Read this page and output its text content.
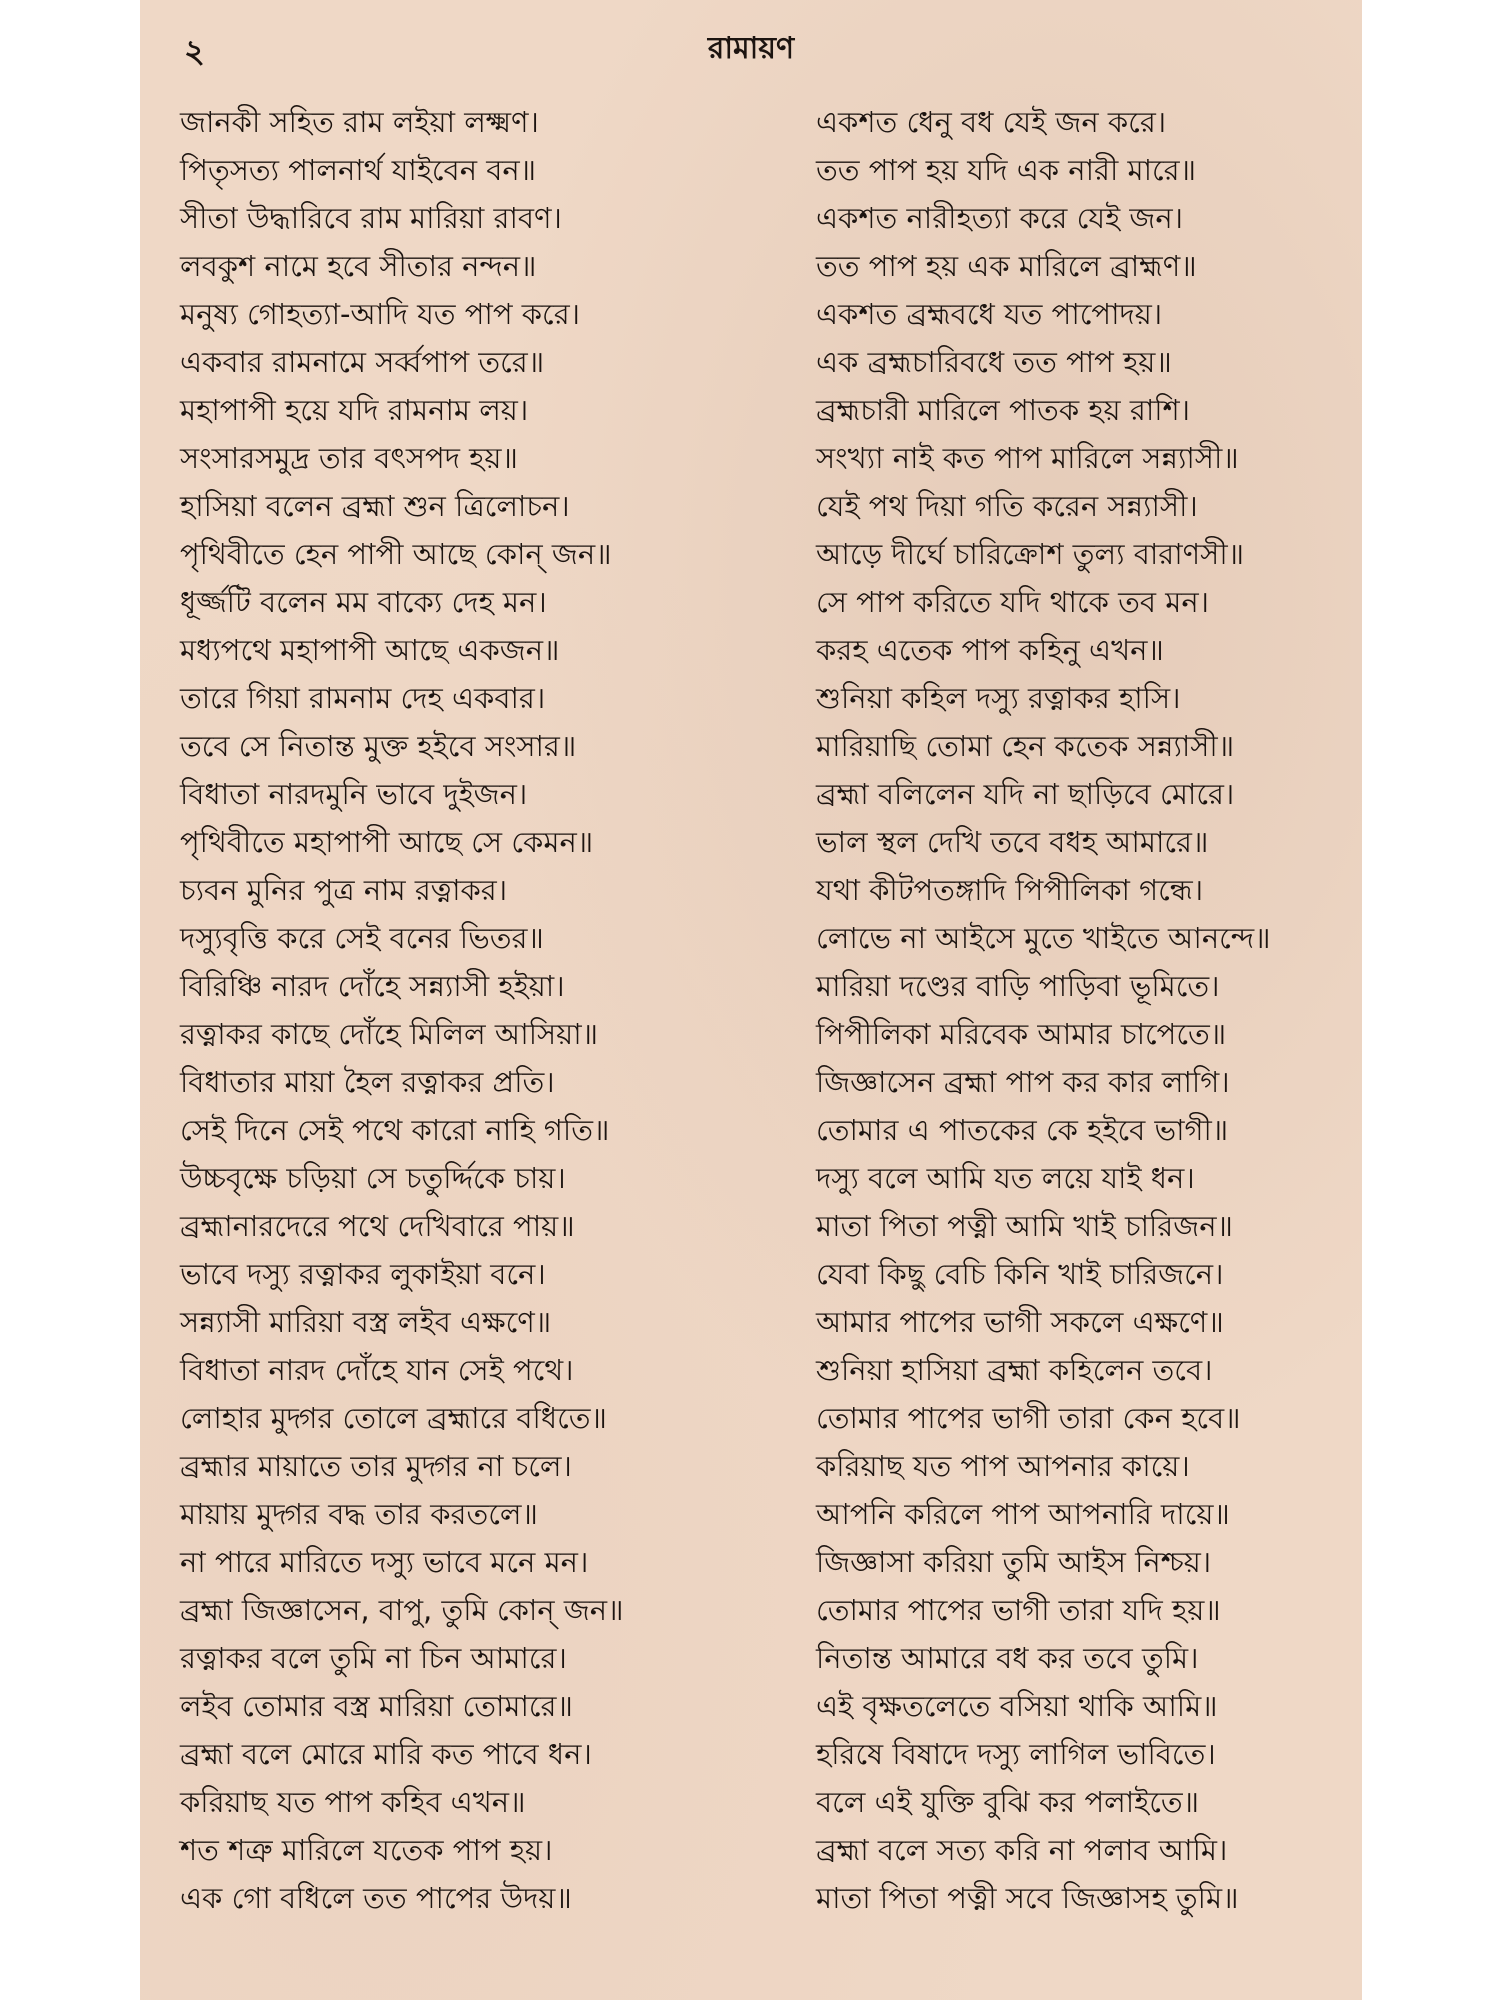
২	রামায়ণ
জানকী সহিত রাম লইয়া লক্ষ্মণ।
পিতৃসত্য পালনার্থ যাইবেন বন॥
সীতা উদ্ধারিবে রাম মারিয়া রাবণ।
লবকুশ নামে হবে সীতার নন্দন॥
মনুষ্য গোহত্যা-আদি যত পাপ করে।
একবার রামনামে সর্ব্বপাপ তরে॥
মহাপাপী হয়ে যদি রামনাম লয়।
সংসারসমুদ্র তার বৎসপদ হয়॥
হাসিয়া বলেন ব্রহ্মা শুন ত্রিলোচন।
পৃথিবীতে হেন পাপী আছে কোন্ জন॥
ধূর্জ্জটি বলেন মম বাক্যে দেহ মন।
মধ্যপথে মহাপাপী আছে একজন॥
তারে গিয়া রামনাম দেহ একবার।
তবে সে নিতান্ত মুক্ত হইবে সংসার॥
বিধাতা নারদমুনি ভাবে দুইজন।
পৃথিবীতে মহাপাপী আছে সে কেমন॥
চ্যবন মুনির পুত্র নাম রত্নাকর।
দস্যুবৃত্তি করে সেই বনের ভিতর॥
বিরিঞ্চি নারদ দোঁহে সন্ন্যাসী হইয়া।
রত্নাকর কাছে দোঁহে মিলিল আসিয়া॥
বিধাতার মায়া হৈল রত্নাকর প্রতি।
সেই দিনে সেই পথে কারো নাহি গতি॥
উচ্চবৃক্ষে চড়িয়া সে চতুর্দ্দিকে চায়।
ব্রহ্মানারদেরে পথে দেখিবারে পায়॥
ভাবে দস্যু রত্নাকর লুকাইয়া বনে।
সন্ন্যাসী মারিয়া বস্ত্র লইব এক্ষণে॥
বিধাতা নারদ দোঁহে যান সেই পথে।
লোহার মুদ্গর তোলে ব্রহ্মারে বধিতে॥
ব্রহ্মার মায়াতে তার মুদ্গর না চলে।
মায়ায় মুদ্গর বদ্ধ তার করতলে॥
না পারে মারিতে দস্যু ভাবে মনে মন।
ব্রহ্মা জিজ্ঞাসেন, বাপু, তুমি কোন্ জন॥
রত্নাকর বলে তুমি না চিন আমারে।
লইব তোমার বস্ত্র মারিয়া তোমারে॥
ব্রহ্মা বলে মোরে মারি কত পাবে ধন।
করিয়াছ যত পাপ কহিব এখন॥
শত শত্রু মারিলে যতেক পাপ হয়।
এক গো বধিলে তত পাপের উদয়॥
একশত ধেনু বধ যেই জন করে।
তত পাপ হয় যদি এক নারী মারে॥
একশত নারীহত্যা করে যেই জন।
তত পাপ হয় এক মারিলে ব্রাহ্মণ॥
একশত ব্রহ্মবধে যত পাপোদয়।
এক ব্রহ্মচারিবধে তত পাপ হয়॥
ব্রহ্মচারী মারিলে পাতক হয় রাশি।
সংখ্যা নাই কত পাপ মারিলে সন্ন্যাসী॥
যেই পথ দিয়া গতি করেন সন্ন্যাসী।
আড়ে দীর্ঘে চারিক্রোশ তুল্য বারাণসী॥
সে পাপ করিতে যদি থাকে তব মন।
করহ এতেক পাপ কহিনু এখন॥
শুনিয়া কহিল দস্যু রত্নাকর হাসি।
মারিয়াছি তোমা হেন কতেক সন্ন্যাসী॥
ব্রহ্মা বলিলেন যদি না ছাড়িবে মোরে।
ভাল স্থল দেখি তবে বধহ আমারে॥
যথা কীটপতঙ্গাদি পিপীলিকা গন্ধে।
লোভে না আইসে মুতে খাইতে আনন্দে॥
মারিয়া দণ্ডের বাড়ি পাড়িবা ভূমিতে।
পিপীলিকা মরিবেক আমার চাপেতে॥
জিজ্ঞাসেন ব্রহ্মা পাপ কর কার লাগি।
তোমার এ পাতকের কে হইবে ভাগী॥
দস্যু বলে আমি যত লয়ে যাই ধন।
মাতা পিতা পত্নী আমি খাই চারিজন॥
যেবা কিছু বেচি কিনি খাই চারিজনে।
আমার পাপের ভাগী সকলে এক্ষণে॥
শুনিয়া হাসিয়া ব্রহ্মা কহিলেন তবে।
তোমার পাপের ভাগী তারা কেন হবে॥
করিয়াছ যত পাপ আপনার কায়ে।
আপনি করিলে পাপ আপনারি দায়ে॥
জিজ্ঞাসা করিয়া তুমি আইস নিশ্চয়।
তোমার পাপের ভাগী তারা যদি হয়॥
নিতান্ত আমারে বধ কর তবে তুমি।
এই বৃক্ষতলেতে বসিয়া থাকি আমি॥
হরিষে বিষাদে দস্যু লাগিল ভাবিতে।
বলে এই যুক্তি বুঝি কর পলাইতে॥
ব্রহ্মা বলে সত্য করি না পলাব আমি।
মাতা পিতা পত্নী সবে জিজ্ঞাসহ তুমি॥
